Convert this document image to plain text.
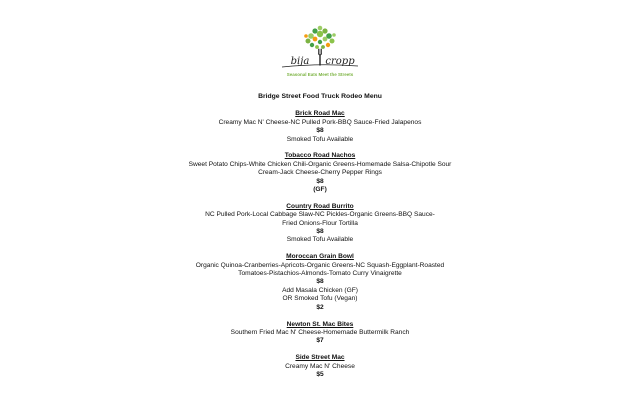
bija cropp
Seasonal Eats Meet the Streets
Bridge Street Food Truck Rodeo Menu
Brick Road Mac
Creamy Mac N' Cheese-NC Pulled Pork-BBQ Sauce-Fried Jalapenos
$8
Smoked Tofu Available
Tobacco Road Nachos
Sweet Potato Chips-White Chicken Chili-Organic Greens-Homemade Salsa-Chipotle Sour Cream-Jack Cheese-Cherry Pepper Rings
$8
(GF)
Country Road Burrito
NC Pulled Pork-Local Cabbage Slaw-NC Pickles-Organic Greens-BBQ Sauce-Fried Onions-Flour Tortilla
$8
Smoked Tofu Available
Moroccan Grain Bowl
Organic Quinoa-Cranberries-Apricots-Organic Greens-NC Squash-Eggplant-Roasted Tomatoes-Pistachios-Almonds-Tomato Curry Vinaigrette
$8
Add Masala Chicken (GF)
OR Smoked Tofu (Vegan)
$2
Newton St. Mac Bites
Southern Fried Mac N' Cheese-Homemade Buttermilk Ranch
$7
Side Street Mac
Creamy Mac N' Cheese
$5
